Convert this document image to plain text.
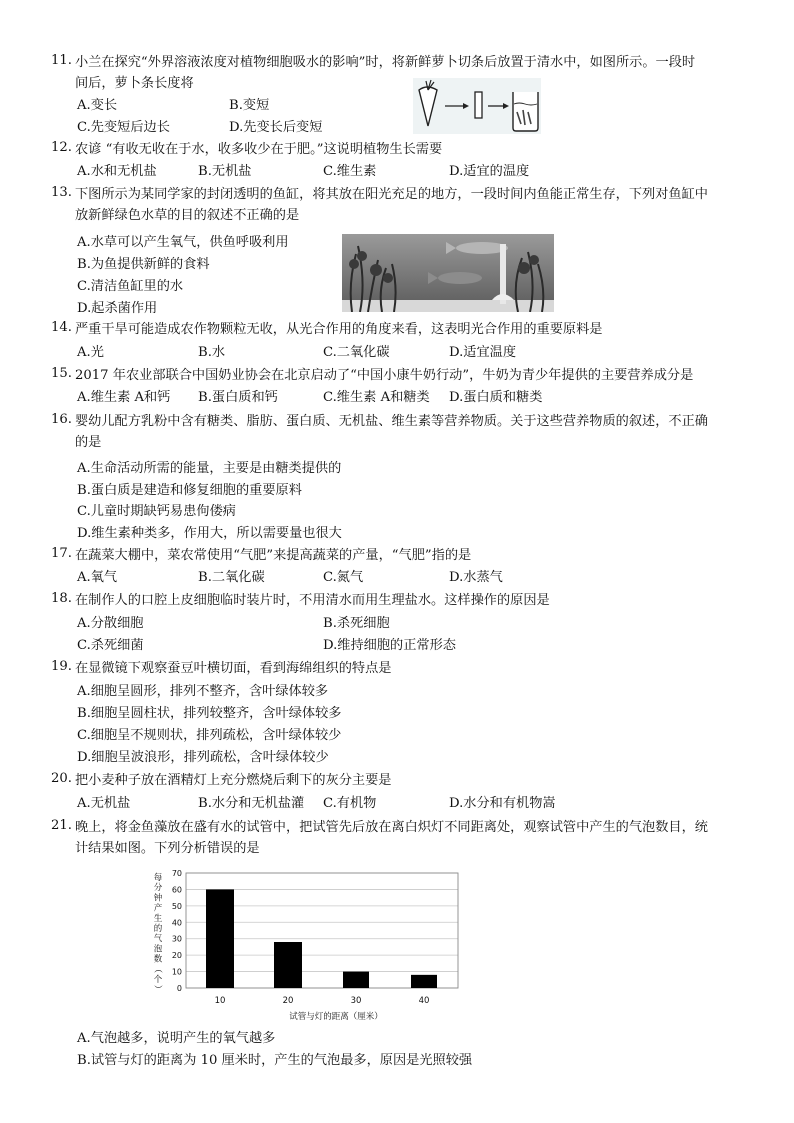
11. 小兰在探究“外界溶液浓度对植物细胞吸水的影响”时，将新鲜萝卜切条后放置于清水中，如图所示。一段时
间后，萝卜条长度将
A.变长	B.变短
C.先变短后边长	D.先变长后变短
12. 农谚 “有收无收在于水，收多收少在于肥。”这说明植物生长需要
A.水和无机盐	B.无机盐	C.维生素	D.适宜的温度
13. 下图所示为某同学家的封闭透明的鱼缸，将其放在阳光充足的地方，一段时间内鱼能正常生存，下列对鱼缸中
放新鲜绿色水草的目的叙述不正确的是
A.水草可以产生氧气，供鱼呼吸利用
B.为鱼提供新鲜的食料
C.清洁鱼缸里的水
D.起杀菌作用
14. 严重干旱可能造成农作物颗粒无收，从光合作用的角度来看，这表明光合作用的重要原料是
A.光	B.水	C.二氧化碳	D.适宜温度
15. 2017 年农业部联合中国奶业协会在北京启动了“中国小康牛奶行动”，牛奶为青少年提供的主要营养成分是
A.维生素 A和钙 B.蛋白质和钙	C.维生素 A和糖类 D.蛋白质和糖类
16. 婴幼儿配方乳粉中含有糖类、脂肪、蛋白质、无机盐、维生素等营养物质。关于这些营养物质的叙述，不正确
的是
A.生命活动所需的能量，主要是由糖类提供的
B.蛋白质是建造和修复细胞的重要原料
C.儿童时期缺钙易患佝偻病
D.维生素种类多，作用大，所以需要量也很大
17. 在蔬菜大棚中，菜农常使用“气肥”来提高蔬菜的产量，“气肥”指的是
A.氧气	B.二氧化碳	C.氮气	D.水蒸气
18. 在制作人的口腔上皮细胞临时装片时，不用清水而用生理盐水。这样操作的原因是
A.分散细胞	B.杀死细胞
C.杀死细菌	D.维持细胞的正常形态
19. 在显微镜下观察蚕豆叶横切面，看到海绵组织的特点是
A.细胞呈圆形，排列不整齐，含叶绿体较多
B.细胞呈圆柱状，排列较整齐，含叶绿体较多
C.细胞呈不规则状，排列疏松，含叶绿体较少
D.细胞呈波浪形，排列疏松，含叶绿体较少
20. 把小麦种子放在酒精灯上充分燃烧后剩下的灰分主要是
A.无机盐	B.水分和无机盐灌 C.有机物	D.水分和有机物嵩
21. 晚上，将金鱼藻放在盛有水的试管中，把试管先后放在离白炽灯不同距离处，观察试管中产生的气泡数目，统
计结果如图。下列分析错误的是
0
10
20
30
40
50
60
70
10	20	30	40
每
分
钟
产
生
的
气
泡
数
（
个
）
试管与灯的距离（厘米）
A.气泡越多，说明产生的氧气越多
B.试管与灯的距离为 10 厘米时，产生的气泡最多，原因是光照较强
